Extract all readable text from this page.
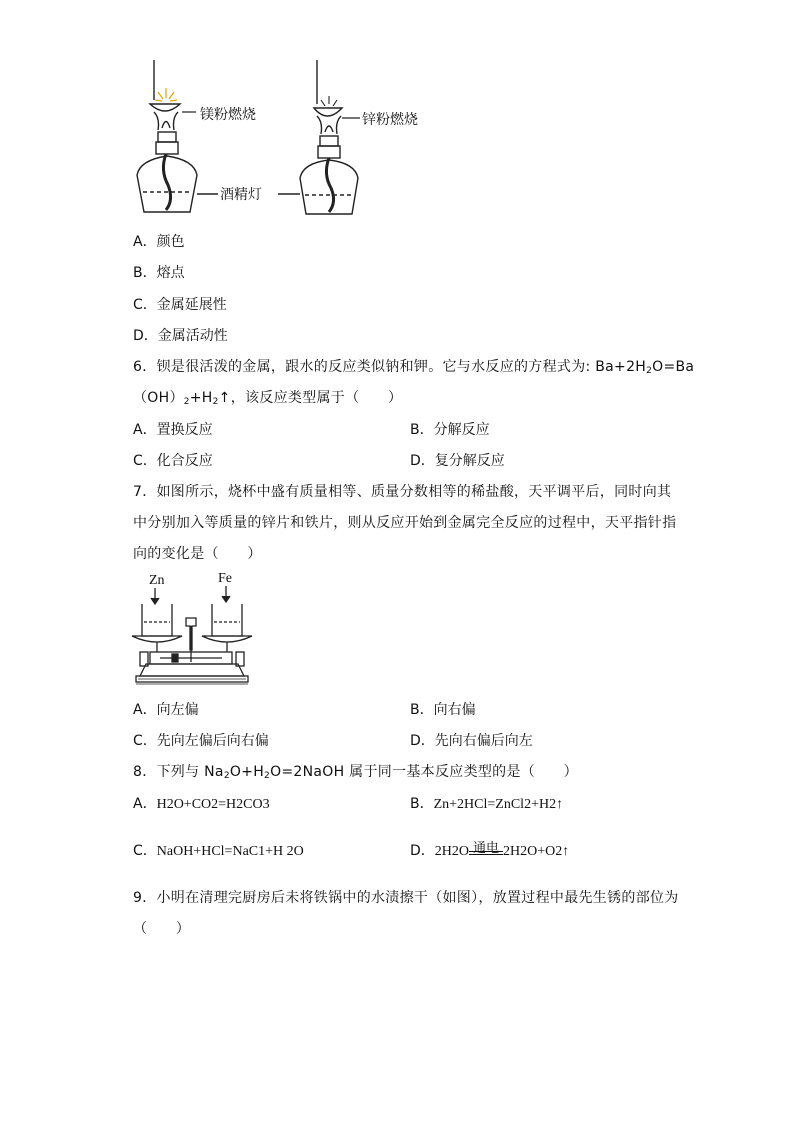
镁粉燃烧	锌粉燃烧
酒精灯
A．颜色
B．熔点
C．金属延展性
D．金属活动性
6．钡是很活泼的金属，跟水的反应类似钠和钾。它与水反应的方程式为: $Ba+2H_2O=Ba$
$(OH)_2+H_2↑$，该反应类型属于（　　）
A．置换反应	B．分解反应
C．化合反应	D．复分解反应
7．如图所示，烧杯中盛有质量相等、质量分数相等的稀盐酸，天平调平后，同时向其
中分别加入等质量的锌片和铁片，则从反应开始到金属完全反应的过程中，天平指针指
向的变化是（　　）
Zn	Fe
A．向左偏	B．向右偏
C．先向左偏后向右偏	D．先向右偏后向左
8．下列与 $Na_2O+H_2O=2NaOH$ 属于同一基本反应类型的是（　　）
A．H2O+CO2=H2CO3	B．Zn+2HCl=ZnCl2+H2↑
C．NaOH+HCl=NaC1+H 2O	D．2H2O 通电 2H2O+O2↑
9．小明在清理完厨房后未将铁锅中的水渍擦干（如图），放置过程中最先生锈的部位为
（　　）
